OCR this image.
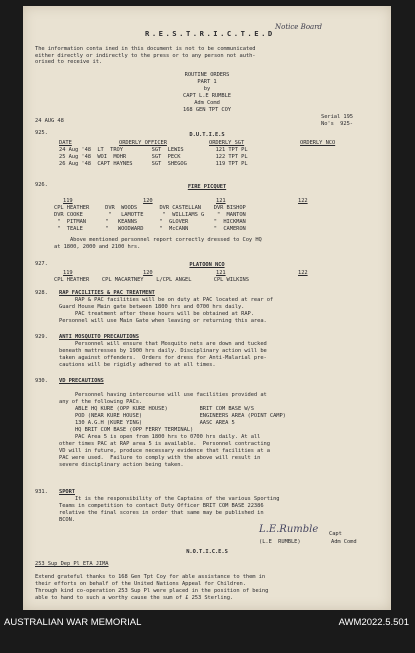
R.E.S.T.R.I.C.T.E.D
Notice Board
The information conta ined in this document is not to be communicated
either directly or indirectly to the press or to any person not auth-
orised to receive it.
ROUTINE ORDERS
PART 1
by
CAPT L.E RUMBLE
Adm Comd
168 GEN TPT COY
24 AUG 48
Serial 195
No's  925-
925.	D.U.T.I.E.S
DATE	ORDERLY OFFICER	ORDERLY SGT	ORDERLY NCO
24 Aug '48  LT  TROY         SGT  LEWIS          121 TPT PL
25 Aug '48  WOI  MOHR        SGT  PECK           122 TPT PL
26 Aug '48  CAPT HAYNES      SGT  SHEGOG         119 TPT PL
926.	FIRE PICQUET
119	120	121	122
CPL HEATHER     DVR  WOODS       DVR CASTELLAN    DVR BISHOP
DVR COOKE        "   LAMOTTE      "  WILLIAMS G    "  MANTON
"  PITMAN      "   KEANNS       "  GLOVER        "  HICKMAN
"  TEALE       "   WOODWARD     "  McCANN        "  CAMERON
Above mentioned personnel report correctly dressed to Coy HQ
at 1800, 2000 and 2100 hrs.
927.	PLATOON NCO
119	120	121	122
CPL HEATHER    CPL MACARTNEY    L/CPL ANGEL       CPL WILKINS
928. RAP FACILITIES & PAC TREATMENT
RAP & PAC facilities will be on duty at PAC located at rear of
Guard House Main gate between 1800 hrs and 0700 hrs daily.
PAC treatment after these hours will be obtained at RAP.
Personnel will use Main Gate when leaving or returning this area.
929. ANTI MOSQUITO PRECAUTIONS
Personnel will ensure that Mosquito nets are down and tucked
beneath mattresses by 1900 hrs daily. Disciplinary action will be
taken against offenders.  Orders for dress for Anti-Malarial pre-
cautions will be rigidly adhered to at all times.
930. VD PRECAUTIONS
Personnel having intercourse will use facilities provided at
any of the following PACs.
ABLE HQ KURE (OPP KURE HOUSE)          BRIT COM BASE W/S
POD (NEAR KURE HOUSE)                  ENGINEERS AREA (POINT CAMP)
130 A.G.H (KURE YING)                  AASC AREA 5
HQ BRIT COM BASE (OPP FERRY TERMINAL)
PAC Area 5 is open from 1800 hrs to 0700 hrs daily. At all
other times PAC at RAP area 5 is available.  Personnel contracting
VD will in future, produce necessary evidence that facilities at a
PAC were used.  Failure to comply with the above will result in
severe disciplinary action being taken.
931. SPORT
It is the responsibility of the Captains of the various Sporting
Teams in competition to contact Duty Officer BRIT COM BASE 22386
relative the final scores in order that same may be published in
BCON.
L.E.Rumble Capt
(L.E  RUMBLE)	Adm Comd
N.O.T.I.C.E.S
253 Sup Dep Pl ETA JIMA
Extend grateful thanks to 168 Gen Tpt Coy for able assistance to them in
their efforts on behalf of the United Nations Appeal for Children.
Through kind co-operation 253 Sup Pl were placed in the position of being
able to hand to such a worthy cause the sum of £ 253 Sterling.
AUSTRALIAN WAR MEMORIAL	AWM2022.5.501
